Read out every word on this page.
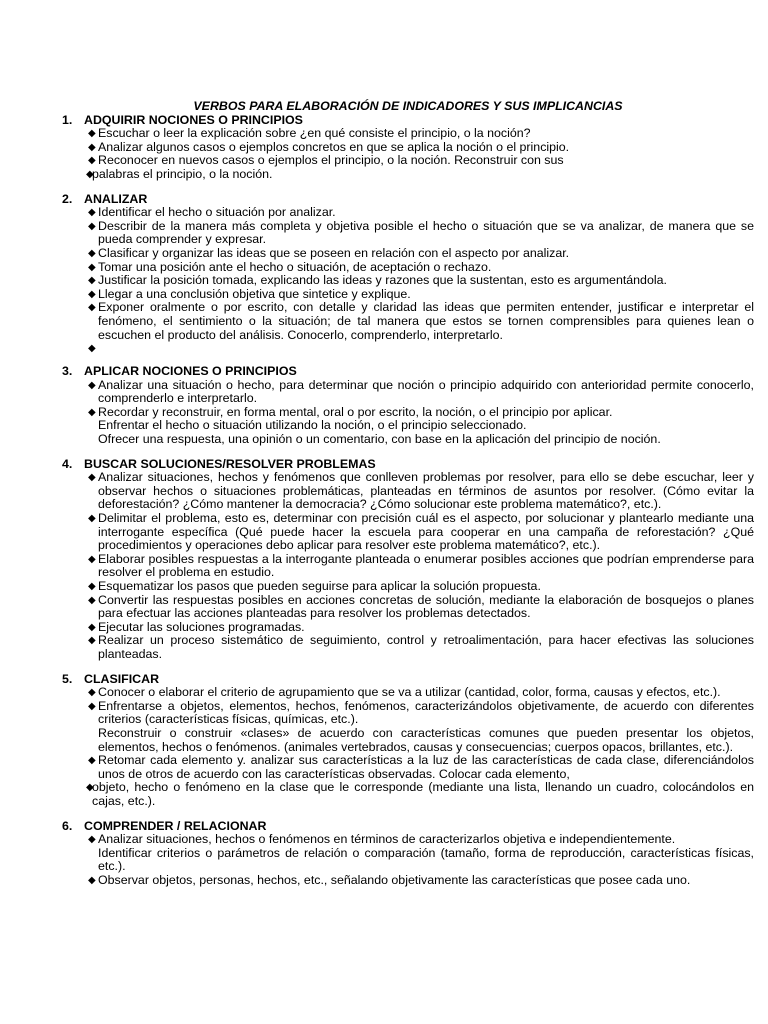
VERBOS PARA ELABORACIÓN DE INDICADORES Y SUS IMPLICANCIAS
1. ADQUIRIR NOCIONES O PRINCIPIOS
◆ Escuchar o leer la explicación sobre ¿en qué consiste el principio, o la noción?
◆ Analizar algunos casos o ejemplos concretos en que se aplica la noción o el principio.
◆ Reconocer en nuevos casos o ejemplos el principio, o la noción. Reconstruir con sus
◆
palabras el principio, o la noción.
2. ANALIZAR
◆ Identificar el hecho o situación por analizar.
◆ Describir de la manera más completa y objetiva posible el hecho o situación que se va analizar, de manera que se pueda comprender y expresar.
◆ Clasificar y organizar las ideas que se poseen en relación con el aspecto por analizar.
◆ Tomar una posición ante el hecho o situación, de aceptación o rechazo.
◆ Justificar la posición tomada, explicando las ideas y razones que la sustentan, esto es argumentándola.
◆ Llegar a una conclusión objetiva que sintetice y explique.
◆ Exponer oralmente o por escrito, con detalle y claridad las ideas que permiten entender, justificar e interpretar el fenómeno, el sentimiento o la situación; de tal manera que estos se tornen comprensibles para quienes lean o escuchen el producto del análisis. Conocerlo, comprenderlo, interpretarlo.
◆
3. APLICAR NOCIONES O PRINCIPIOS
◆ Analizar una situación o hecho, para determinar que noción o principio adquirido con anterioridad permite conocerlo, comprenderlo e interpretarlo.
◆ Recordar y reconstruir, en forma mental, oral o por escrito, la noción, o el principio por aplicar.
Enfrentar el hecho o situación utilizando la noción, o el principio seleccionado.
Ofrecer una respuesta, una opinión o un comentario, con base en la aplicación del principio de noción.
4. BUSCAR SOLUCIONES/RESOLVER PROBLEMAS
◆ Analizar situaciones, hechos y fenómenos que conlleven problemas por resolver, para ello se debe escuchar, leer y observar hechos o situaciones problemáticas, planteadas en términos de asuntos por resolver. (Cómo evitar la deforestación? ¿Cómo mantener la democracia? ¿Cómo solucionar este problema matemático?, etc.).
◆ Delimitar el problema, esto es, determinar con precisión cuál es el aspecto, por solucionar y plantearlo mediante una interrogante específica (Qué puede hacer la escuela para cooperar en una campaña de reforestación? ¿Qué procedimientos y operaciones debo aplicar para resolver este problema matemático?, etc.).
◆ Elaborar posibles respuestas a la interrogante planteada o enumerar posibles acciones que podrían emprenderse para resolver el problema en estudio.
◆ Esquematizar los pasos que pueden seguirse para aplicar la solución propuesta.
◆ Convertir las respuestas posibles en acciones concretas de solución, mediante la elaboración de bosquejos o planes para efectuar las acciones planteadas para resolver los problemas detectados.
◆ Ejecutar las soluciones programadas.
◆ Realizar un proceso sistemático de seguimiento, control y retroalimentación, para hacer efectivas las soluciones planteadas.
5. CLASIFICAR
◆ Conocer o elaborar el criterio de agrupamiento que se va a utilizar (cantidad, color, forma, causas y efectos, etc.).
◆ Enfrentarse a objetos, elementos, hechos, fenómenos, caracterizándolos objetivamente, de acuerdo con diferentes criterios (características físicas, químicas, etc.).
Reconstruir o construir «clases» de acuerdo con características comunes que pueden presentar los objetos, elementos, hechos o fenómenos. (animales vertebrados, causas y consecuencias; cuerpos opacos, brillantes, etc.).
◆ Retomar cada elemento y. analizar sus características a la luz de las características de cada clase, diferenciándolos unos de otros de acuerdo con las características observadas. Colocar cada elemento,
◆
objeto, hecho o fenómeno en la clase que le corresponde (mediante una lista, llenando un cuadro, colocándolos en cajas, etc.).
6. COMPRENDER / RELACIONAR
◆ Analizar situaciones, hechos o fenómenos en términos de caracterizarlos objetiva e independientemente.
Identificar criterios o parámetros de relación o comparación (tamaño, forma de reproducción, características físicas, etc.).
◆ Observar objetos, personas, hechos, etc., señalando objetivamente las características que posee cada uno.
